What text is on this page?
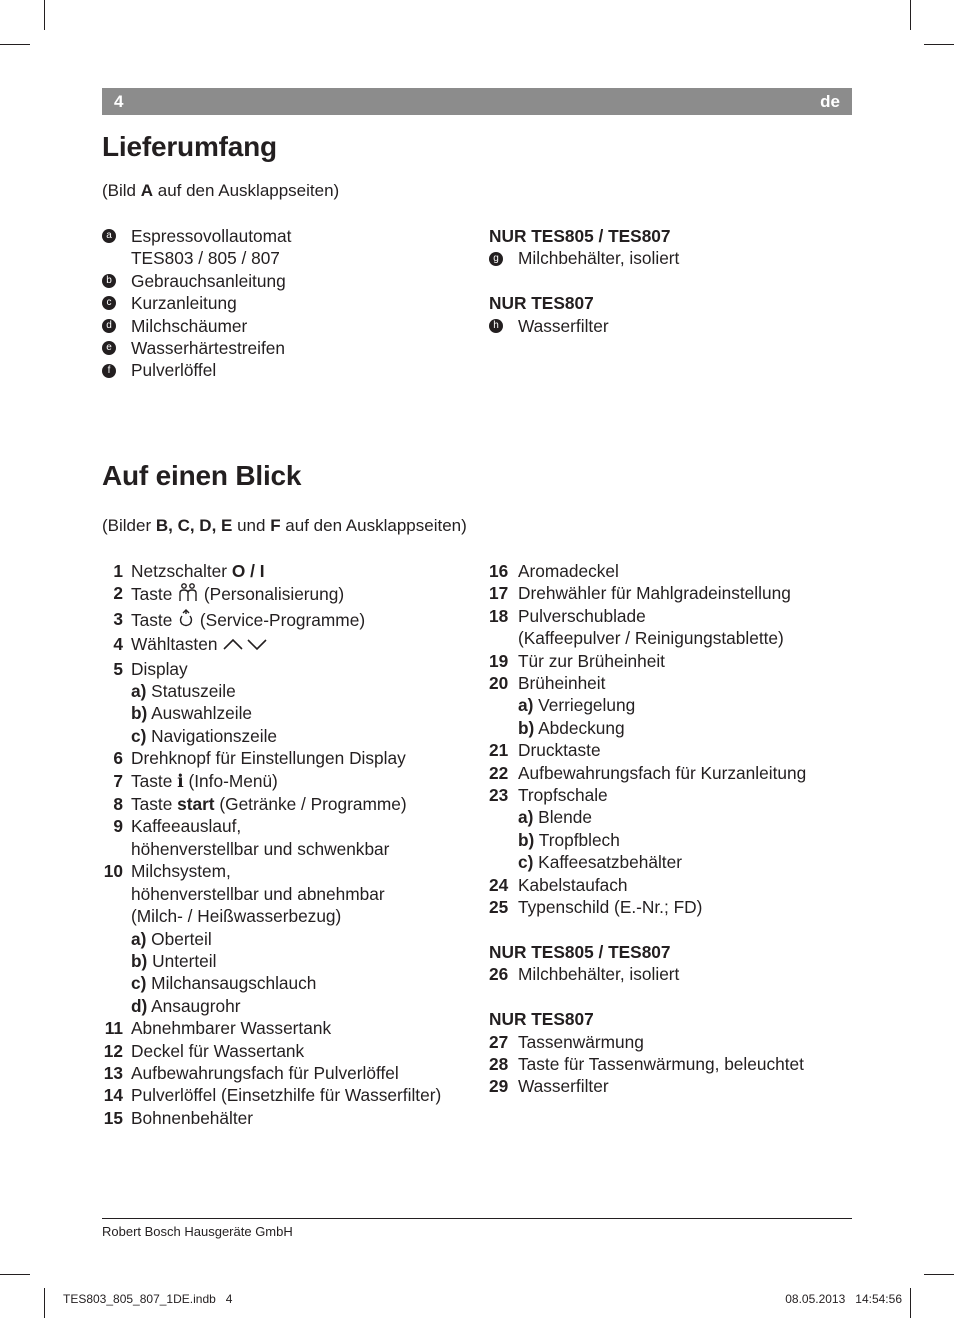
4	de
Lieferumfang
(Bild A auf den Ausklappseiten)
a Espressovollautomat
TES803 / 805 / 807
b Gebrauchsanleitung
c Kurzanleitung
d Milchschäumer
e Wasserhärtestreifen
f	Pulverlöffel
NUR TES805 / TES807
g Milchbehälter, isoliert
NUR TES807
h Wasserfilter
Auf einen Blick
(Bilder B, C, D, E und F auf den Ausklappseiten)
1 Netzschalter O / I
2 Taste  (Personalisierung)
3 Taste  (Service-Programme)
4 Wähltasten
5 Display
a) Statuszeile
b) Auswahlzeile
c) Navigationszeile
6 Drehknopf für Einstellungen Display
7 Taste i (Info-Menü)
8 Taste start (Getränke / Programme)
9 Kaffeeauslauf,
höhenverstellbar und schwenkbar
10 Milchsystem,
höhenverstellbar und abnehmbar
(Milch- / Heißwasserbezug)
a) Oberteil
b) Unterteil
c) Milchansaugschlauch
d) Ansaugrohr
11 Abnehmbarer Wassertank
12 Deckel für Wassertank
13 Aufbewahrungsfach für Pulverlöffel
14 Pulverlöffel (Einsetzhilfe für Wasserfilter)
15 Bohnenbehälter
16 Aromadeckel
17 Drehwähler für Mahlgradeinstellung
18 Pulverschublade
(Kaffeepulver / Reinigungstablette)
19 Tür zur Brüheinheit
20 Brüheinheit
a) Verriegelung
b) Abdeckung
21 Drucktaste
22 Aufbewahrungsfach für Kurzanleitung
23 Tropfschale
a) Blende
b) Tropfblech
c) Kaffeesatzbehälter
24 Kabelstaufach
25 Typenschild (E.-Nr.; FD)
NUR TES805 / TES807
26 Milchbehälter, isoliert
NUR TES807
27 Tassenwärmung
28 Taste für Tassenwärmung, beleuchtet
29 Wasserfilter
Robert Bosch Hausgeräte GmbH
TES803_805_807_1DE.indb   4	08.05.2013   14:54:56
